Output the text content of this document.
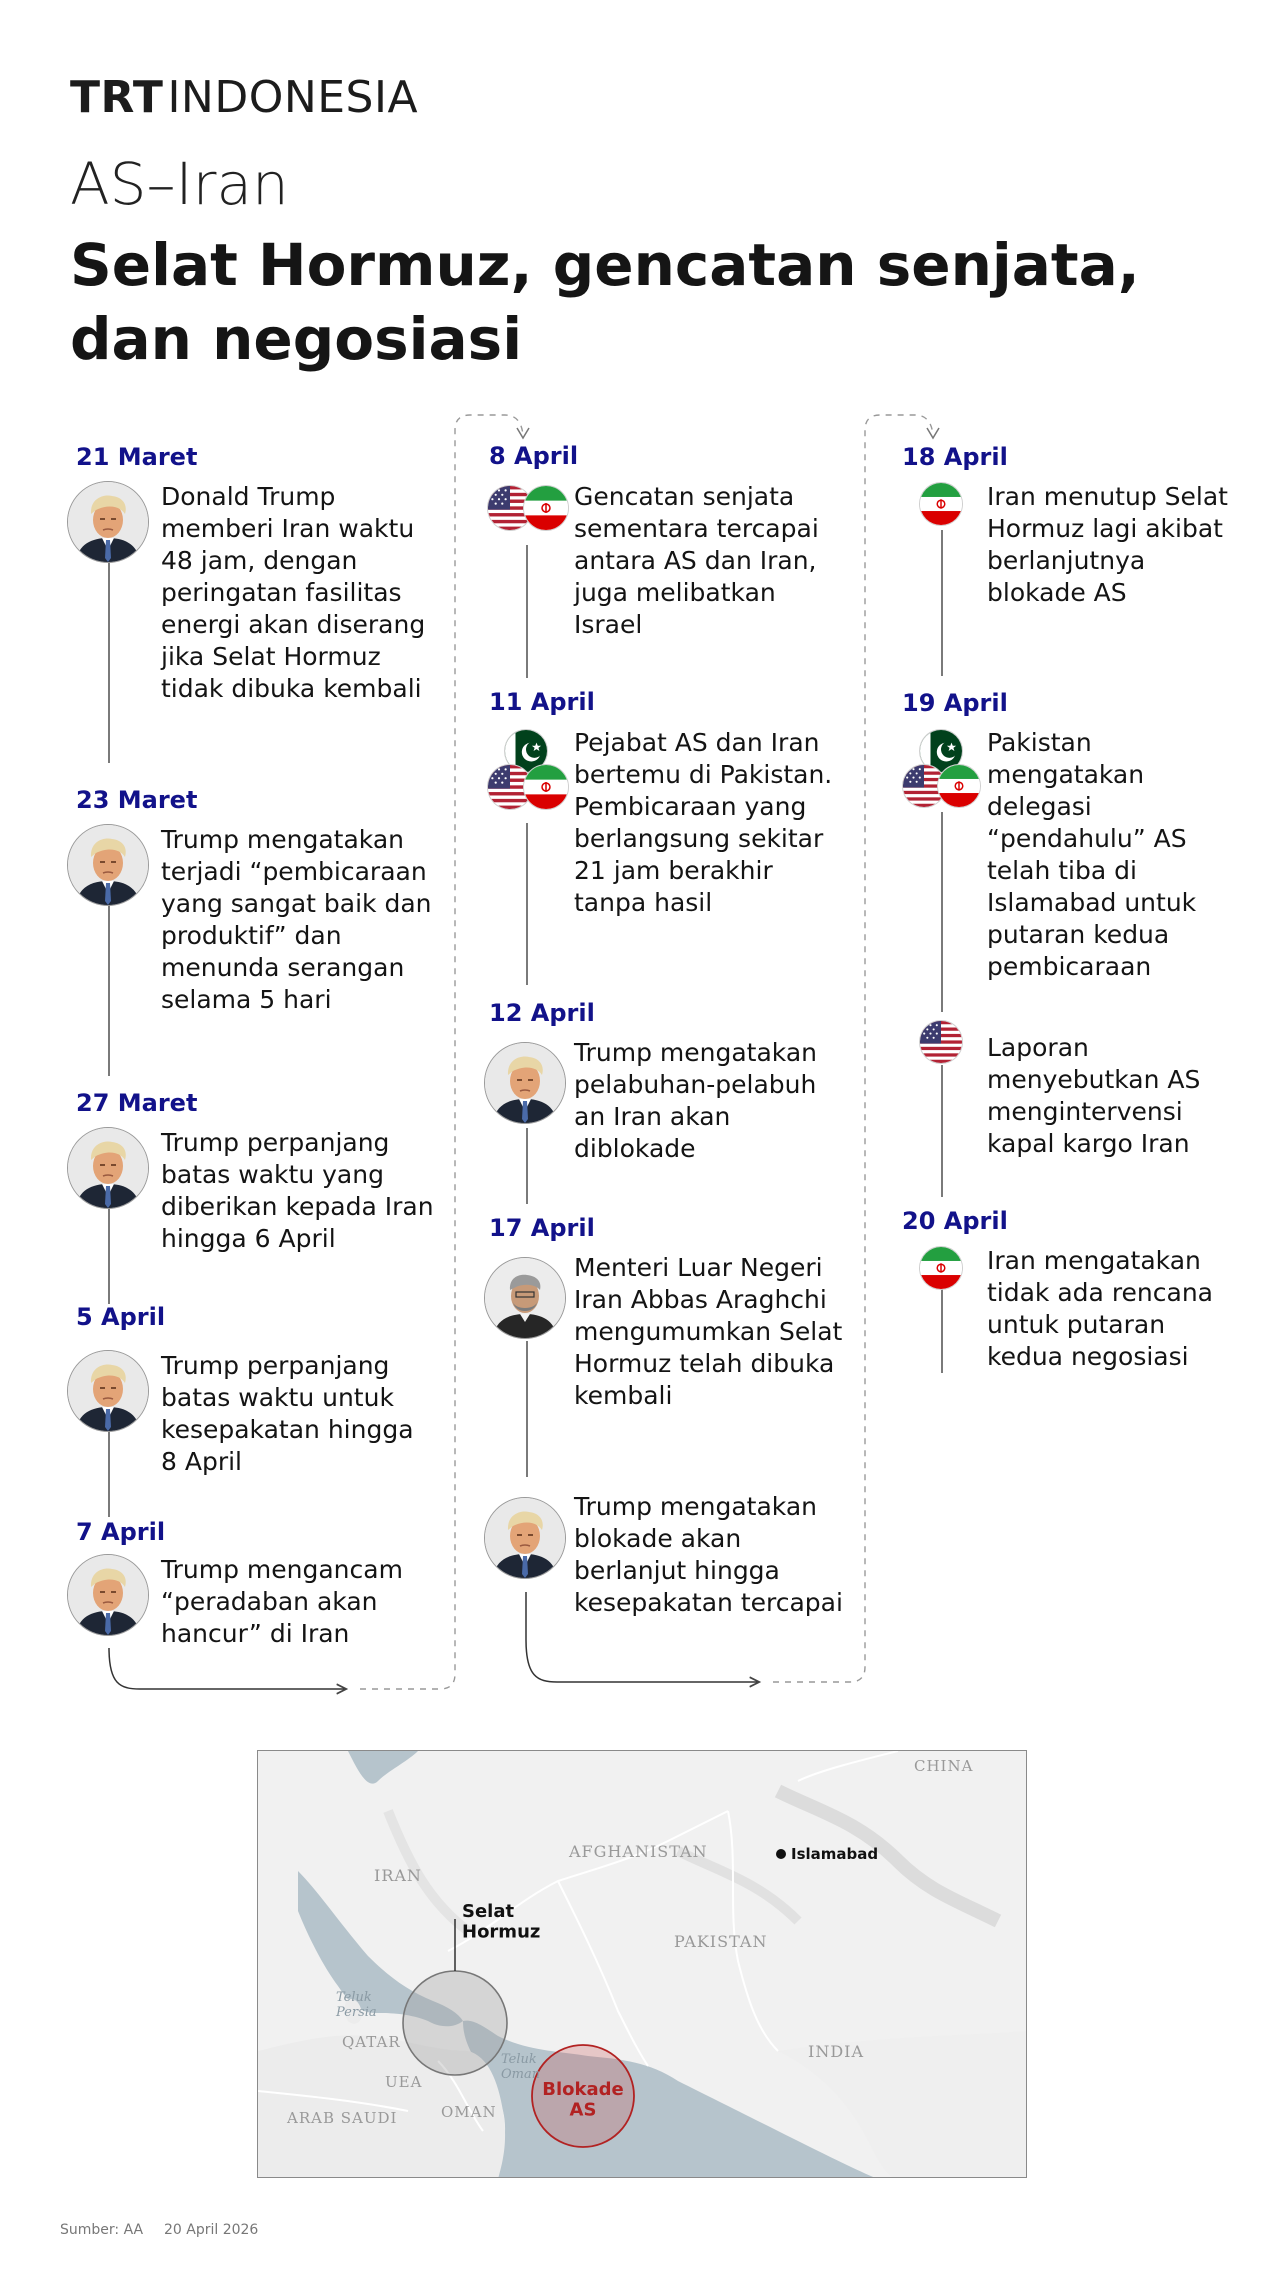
TRTINDONESIA
AS–Iran
Selat Hormuz, gencatan senjata, dan negosiasi
21 Maret
Donald Trump memberi Iran waktu 48 jam, dengan peringatan fasilitas energi akan diserang jika Selat Hormuz tidak dibuka kembali
23 Maret
Trump mengatakan terjadi “pembicaraan yang sangat baik dan produktif” dan menunda serangan selama 5 hari
27 Maret
Trump perpanjang batas waktu yang diberikan kepada Iran hingga 6 April
5 April
Trump perpanjang batas waktu untuk kesepakatan hingga 8 April
7 April
Trump mengancam “peradaban akan hancur” di Iran
8 April
Gencatan senjata sementara tercapai antara AS dan Iran, juga melibatkan Israel
11 April
Pejabat AS dan Iran bertemu di Pakistan. Pembicaraan yang berlangsung sekitar 21 jam berakhir tanpa hasil
12 April
Trump mengatakan pelabuhan-pelabuh an Iran akan diblokade
17 April
Menteri Luar Negeri Iran Abbas Araghchi mengumumkan Selat Hormuz telah dibuka kembali
Trump mengatakan blokade akan berlanjut hingga kesepakatan tercapai
18 April
Iran menutup Selat Hormuz lagi akibat berlanjutnya blokade AS
19 April
Pakistan mengatakan delegasi “pendahulu” AS telah tiba di Islamabad untuk putaran kedua pembicaraan
Laporan menyebutkan AS mengintervensi kapal kargo Iran
20 April
Iran mengatakan tidak ada rencana untuk putaran kedua negosiasi
CHINA
AFGHANISTAN
IRAN
PAKISTAN
INDIA
QATAR
UEA
ARAB SAUDI	OMAN
Teluk Persia
Teluk Oman
Islamabad
Selat Hormuz
Blokade AS
Sumber: AA 20 April 2026
